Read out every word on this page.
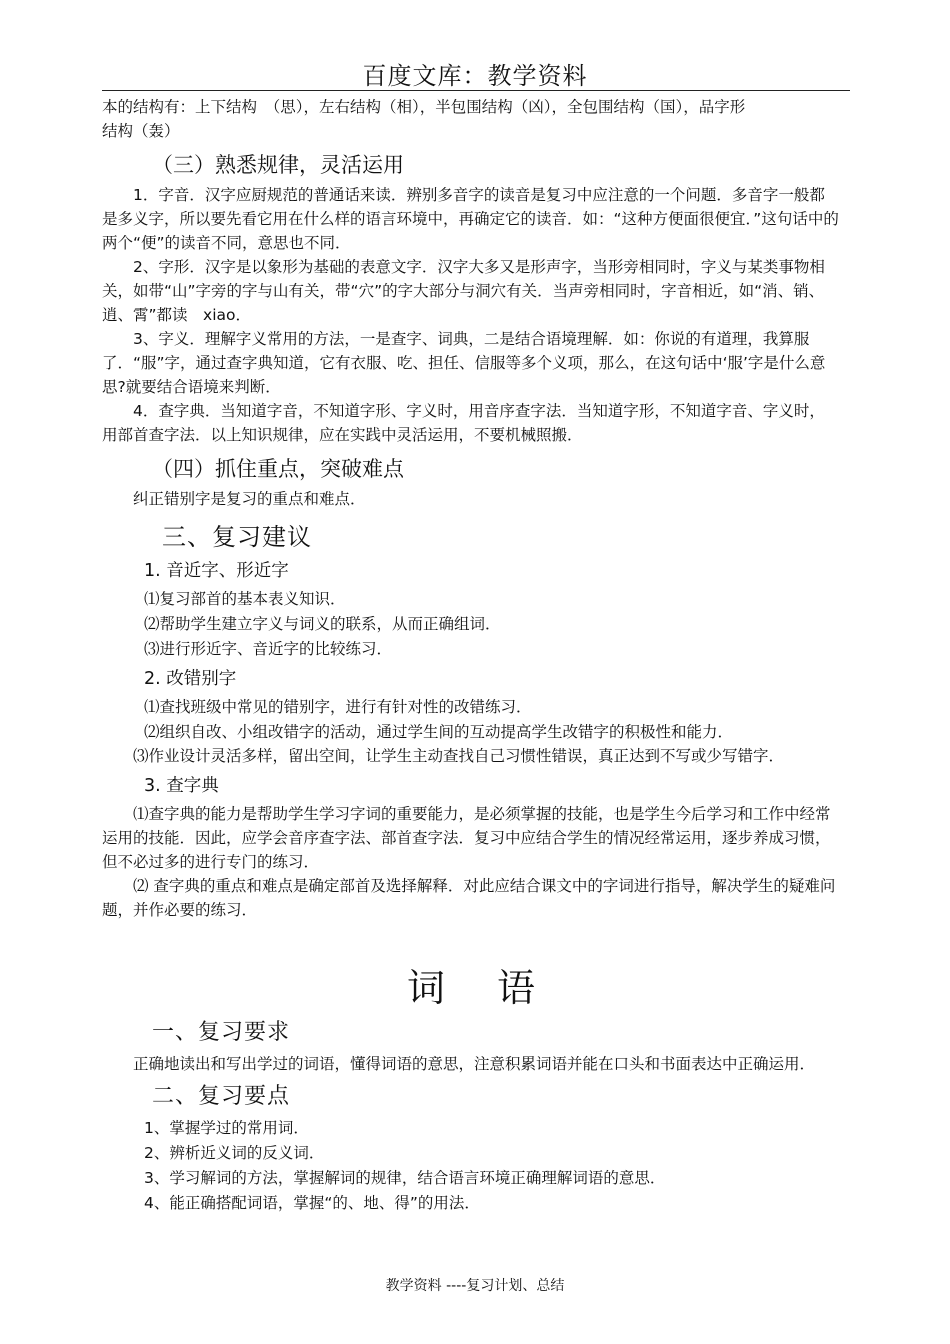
百度文库：教学资料

本的结构有：上下结构　（思），左右结构（相），半包围结构（凶），全包围结构（国），品字形

结构（轰）

（三）熟悉规律，灵活运用

1．字音．汉字应厨规范的普通话来读．辨别多音字的读音是复习中应注意的一个问题．多音字一般都是多义字，所以要先看它用在什么样的语言环境中，再确定它的读音．如：“这种方便面很便宜．”这句话中的两个“便”的读音不同，意思也不同．

2、字形．汉字是以象形为基础的表意文字．汉字大多又是形声字，当形旁相同时，字义与某类事物相关，如带“山”字旁的字与山有关，带“穴”的字大部分与洞穴有关．当声旁相同时，字音相近，如“消、销、逍、霄”都读　xiao．

3、字义．理解字义常用的方法，一是查字、词典，二是结合语境理解．如：你说的有道理，我算服了．“服”字，通过查字典知道，它有衣服、吃、担任、信服等多个义项，那么，在这句话中‘服’字是什么意思?就要结合语境来判断．

4．查字典．当知道字音，不知道字形、字义时，用音序查字法．当知道字形，不知道字音、字义时，用部首查字法．以上知识规律，应在实践中灵活运用，不要机械照搬．

（四）抓住重点，突破难点

纠正错别字是复习的重点和难点．

三、复习建议
1. 音近字、形近字

⑴复习部首的基本表义知识．

⑵帮助学生建立字义与词义的联系，从而正确组词．

⑶进行形近字、音近字的比较练习．

2. 改错别字

⑴查找班级中常见的错别字，进行有针对性的改错练习．

⑵组织自改、小组改错字的活动，通过学生间的互动提高学生改错字的积极性和能力．

⑶作业设计灵活多样，留出空间，让学生主动查找自己习惯性错误，真正达到不写或少写错字．

3. 查字典

⑴查字典的能力是帮助学生学习字词的重要能力，是必须掌握的技能，也是学生今后学习和工作中经常运用的技能．因此，应学会音序查字法、部首查字法．复习中应结合学生的情况经常运用，逐步养成习惯，但不必过多的进行专门的练习．

⑵ 查字典的重点和难点是确定部首及选择解释．对此应结合课文中的字词进行指导，解决学生的疑难问题，并作必要的练习．

词语
一、复习要求

正确地读出和写出学过的词语，懂得词语的意思，注意积累词语并能在口头和书面表达中正确运用．

二、复习要点

1、掌握学过的常用词．

2、辨析近义词的反义词．

3、学习解词的方法，掌握解词的规律，结合语言环境正确理解词语的意思．

4、能正确搭配词语，掌握“的、地、得”的用法．

教学资料 ----复习计划、总结
